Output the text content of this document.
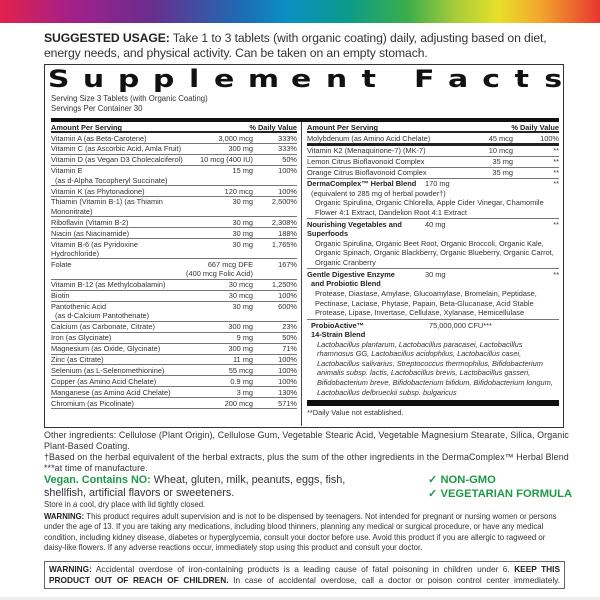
SUGGESTED USAGE: Take 1 to 3 tablets (with organic coating) daily, adjusting based on diet, energy needs, and physical activity. Can be taken on an empty stomach.
S u p p l e m e n t F a c t s
Serving Size 3 Tablets (with Organic Coating)
Servings Per Container 30
Amount Per Serving	% Daily Value
Vitamin A (as Beta-Carotene)	3,000 mcg	333%
Vitamin C (as Ascorbic Acid, Amla Fruit)	300 mg	333%
Vitamin D (as Vegan D3 Cholecalciferol)	10 mcg (400 IU)	50%
Vitamin E
(as d-Alpha Tocopheryl Succinate)
15 mg	100%
Vitamin K (as Phytonadione)	120 mcg	100%
Thiamin (Vitamin B-1) (as Thiamin Mononitrate)
30 mg	2,500%
Riboflavin (Vitamin B-2)	30 mg	2,308%
Niacin (as Niacinamide)	30 mg	188%
Vitamin B-6 (as Pyridoxine Hydrochloride)
30 mg	1,765%
Folate	667 mcg DFE
(400 mcg Folic Acid)
167%
Vitamin B-12 (as Methylcobalamin)	30 mcg	1,250%
Biotin	30 mcg	100%
Pantothenic Acid
(as d-Calcium Pantothenate)
30 mg	600%
Calcium (as Carbonate, Citrate)	300 mg	23%
Iron (as Glycinate)	9 mg	50%
Magnesium (as Oxide, Glycinate)	300 mg	71%
Zinc (as Citrate)	11 mg	100%
Selenium (as L-Selenomethionine)	55 mcg	100%
Copper (as Amino Acid Chelate)	0.9 mg	100%
Manganese (as Amino Acid Chelate)	3 mg	130%
Chromium (as Picolinate)	200 mcg	571%
Amount Per Serving	% Daily Value
Molybdenum (as Amino Acid Chelate)	45 mcg	100%
Vitamin K2 (Menaquinone-7) (MK-7)	10 mcg	**
Lemon Citrus Bioflavonoid Complex	35 mg	**
Orange Citrus Bioflavonoid Complex	35 mg	**
DermaComplex™ Herbal Blend	170 mg	**
(equivalent to 285 mg of herbal powder†)
Organic Spirulina, Organic Chlorella, Apple Cider Vinegar, Chamomile Flower 4:1 Extract, Dandelion Root 4:1 Extract
Nourishing Vegetables and Superfoods
40 mg	**
Organic Spirulina, Organic Beet Root, Organic Broccoli, Organic Kale, Organic Spinach, Organic Blackberry, Organic Blueberry, Organic Carrot, Organic Cranberry
Gentle Digestive Enzyme	30 mg	**
and Probiotic Blend
Protease, Diastase, Amylase, Glucoamylase, Bromelain, Peptidase, Pectinase, Lactase, Phytase, Papain, Beta-Glucanase, Acid Stable Protease, Lipase, Invertase, Cellulase, Xylanase, Hemicellulase
ProbioActive™	75,000,000 CFU***
14-Strain Blend
Lactobacillus plantarum, Lactobacillus paracasei, Lactobacillus rhamnosus GG, Lactobacillus acidophilus, Lactobacillus casei, Lactobacillus salivarius, Streptococcus thermophilus, Bifidobacterium animalis subsp. lactis, Lactobacillus brevis, Lactobacillus gasseri, Bifidobacterium breve, Bifidobacterium bifidum, Bifidobacterium longum, Lactobacillus delbrueckii subsp. bulgaricus
**Daily Value not established.
Other ingredients: Cellulose (Plant Origin), Cellulose Gum, Vegetable Stearic Acid, Vegetable Magnesium Stearate, Silica, Organic Plant-Based Coating.
†Based on the herbal equivalent of the herbal extracts, plus the sum of the other ingredients in the DermaComplex™ Herbal Blend
***at time of manufacture.
Vegan. Contains NO: Wheat, gluten, milk, peanuts, eggs, fish, shellfish, artificial flavors or sweeteners.
✓ NON-GMO
✓ VEGETARIAN FORMULA
Store in a cool, dry place with lid tightly closed.
WARNING: This product requires adult supervision and is not to be dispensed by teenagers. Not intended for pregnant or nursing women or persons under the age of 13. If you are taking any medications, including blood thinners, planning any medical or surgical procedure, or have any medical condition, including kidney disease, diabetes or hyperglycemia, consult your doctor before use. Avoid this product if you are allergic to ragweed or daisy-like flowers. If any adverse reactions occur, immediately stop using this product and consult your doctor.
WARNING: Accidental overdose of iron-containing products is a leading cause of fatal poisoning in children under 6. KEEP THIS PRODUCT OUT OF REACH OF CHILDREN. In case of accidental overdose, call a doctor or poison control center immediately.
